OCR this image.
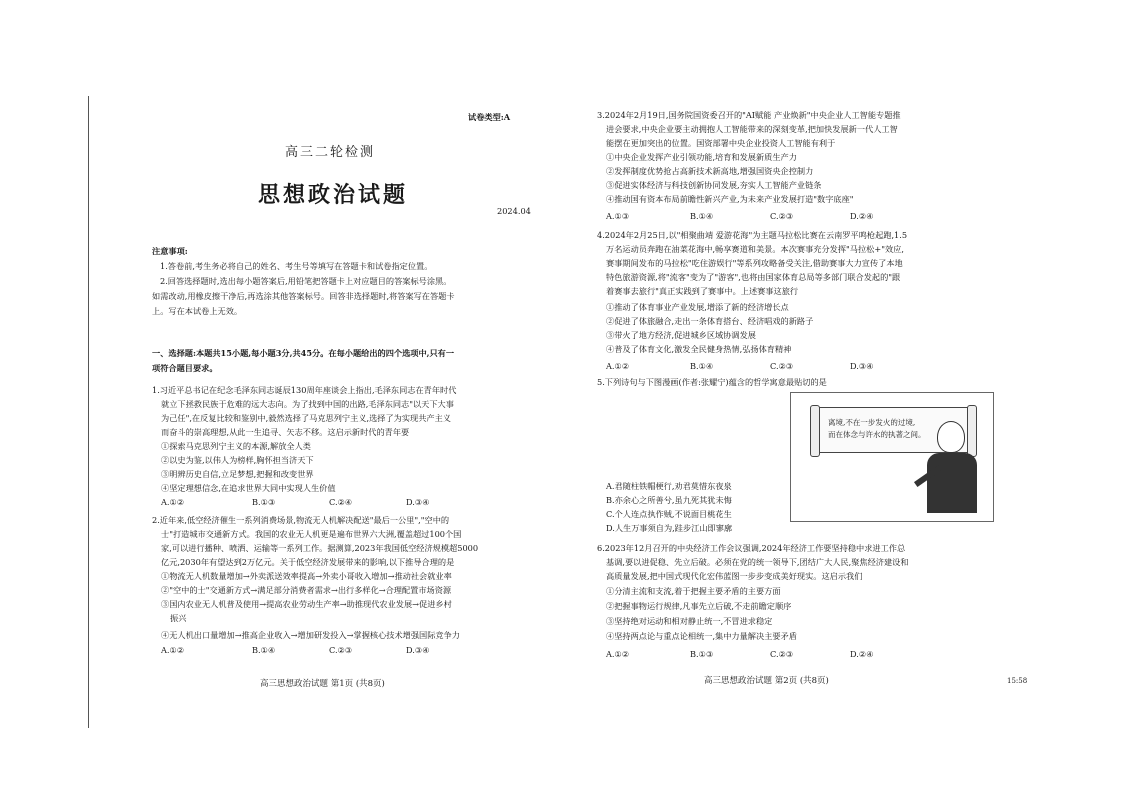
试卷类型:A
高三二轮检测
思想政治试题
2024.04
注意事项:
1.答卷前,考生务必将自己的姓名、考生号等填写在答题卡和试卷指定位置。
2.回答选择题时,选出每小题答案后,用铅笔把答题卡上对应题目的答案标号涂黑。
如需改动,用橡皮擦干净后,再选涂其他答案标号。回答非选择题时,将答案写在答题卡
上。写在本试卷上无效。
一、选择题:本题共15小题,每小题3分,共45分。在每小题给出的四个选项中,只有一
项符合题目要求。
1.习近平总书记在纪念毛泽东同志诞辰130周年座谈会上指出,毛泽东同志在青年时代
就立下拯救民族于危难的远大志向。为了找到中国的出路,毛泽东同志"以天下大事
为己任",在反复比较和鉴别中,毅然选择了马克思列宁主义,选择了为实现共产主义
而奋斗的崇高理想,从此一生追寻、矢志不移。这启示新时代的青年要
①探索马克思列宁主义的本源,解放全人类
②以史为鉴,以伟人为榜样,胸怀担当济天下
③明辨历史自信,立足梦想,把握和改变世界
④坚定理想信念,在追求世界大同中实现人生价值
A.①②	B.①③	C.②④	D.③④
2.近年来,低空经济催生一系列消费场景,物流无人机解决配送"最后一公里","空中的
士"打造城市交通新方式。我国的农业无人机更是遍布世界六大洲,覆盖超过100个国
家,可以进行播种、喷洒、运输等一系列工作。据测算,2023年我国低空经济规模超5000
亿元,2030年有望达到2万亿元。关于低空经济发展带来的影响,以下推导合理的是
①物流无人机数量增加→外卖派送效率提高→外卖小哥收入增加→推动社会就业率
②"空中的士"交通新方式→满足部分消费者需求→出行多样化→合理配置市场资源
③国内农业无人机普及使用→提高农业劳动生产率→助推现代农业发展→促进乡村
振兴
④无人机出口量增加→推高企业收入→增加研发投入→掌握核心技术增强国际竞争力
A.①②	B.①④	C.②③	D.③④
高三思想政治试题 第1页 (共8页)
3.2024年2月19日,国务院国资委召开的"AI赋能 产业焕新"中央企业人工智能专题推
进会要求,中央企业要主动拥抱人工智能带来的深刻变革,把加快发展新一代人工智
能摆在更加突出的位置。国资部署中央企业投资人工智能有利于
①中央企业发挥产业引领功能,培育和发展新质生产力
②发挥制度优势抢占高新技术新高地,增强国资央企控制力
③促进实体经济与科技创新协同发展,夯实人工智能产业链条
④推动国有资本布局前瞻性新兴产业,为未来产业发展打造"数字底座"
A.①③	B.①④	C.②③	D.②④
4.2024年2月25日,以"相聚曲靖 爱游花海"为主题马拉松比赛在云南罗平鸣枪起跑,1.5
万名运动员奔跑在油菜花海中,畅享赛道和美景。本次赛事充分发挥"马拉松+"效应,
赛事期间发布的马拉松"吃住游娱行"等系列攻略备受关注,借助赛事大力宣传了本地
特色旅游资源,将"流客"变为了"游客",也将由国家体育总局等多部门联合发起的"跟
着赛事去旅行"真正实践到了赛事中。上述赛事这旅行
①推动了体育事业产业发展,增添了新的经济增长点
②促进了体旅融合,走出一条体育搭台、经济唱戏的新路子
③带火了地方经济,促进城乡区域协调发展
④普及了体育文化,激发全民健身热情,弘扬体育精神
A.①②	B.①④	C.②③	D.③④
5.下列诗句与下图漫画(作者:张耀宁)蕴含的哲学寓意最贴切的是
离境,不在一步发火的过境,
而在体念与许水的执著之间。
A.君随柱铁帽梗行,劝君莫惜东夜泉
B.亦余心之所善兮,虽九死其犹未悔
C.个人连点执作贼,不说面目桃花生
D.人生万事须自为,跬步江山即寥廓
6.2023年12月召开的中央经济工作会议强调,2024年经济工作要坚持稳中求进工作总
基调,要以进促稳、先立后破。必须在党的统一领导下,团结广大人民,聚焦经济建设和
高质量发展,把中国式现代化宏伟蓝图一步步变成美好现实。这启示我们
①分清主流和支流,着于把握主要矛盾的主要方面
②把握事物运行规律,凡事先立后破,不走前瞻定顺序
③坚持绝对运动和相对静止统一,不冒进求稳定
④坚持两点论与重点论相统一,集中力量解决主要矛盾
A.①②	B.①③	C.②③	D.②④
高三思想政治试题 第2页 (共8页)	15:58
